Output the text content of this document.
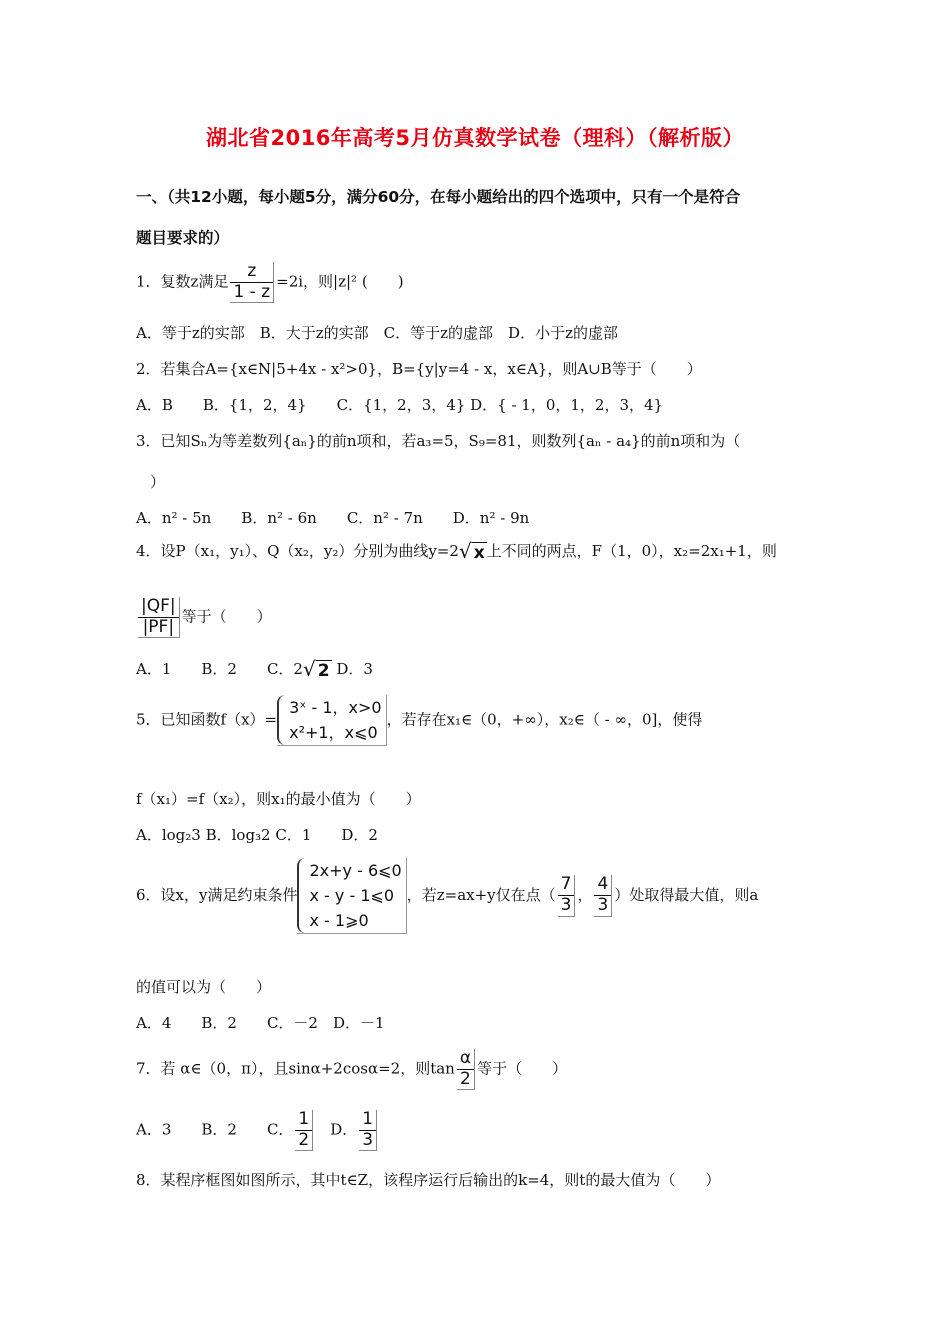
湖北省2016年高考5月仿真数学试卷（理科）（解析版）
一、（共12小题，每小题5分，满分60分，在每小题给出的四个选项中，只有一个是符合
题目要求的）
1．复数z满足 $\frac{z}{1 - z} =2i$，则|z|² (　　)
A．等于z的实部　B．大于z的实部　C．等于z的虚部　D．小于z的虚部
2．若集合A={x∈N|5+4x - x²>0}，B={y|y=4 - x，x∈A}，则A∪B等于（　　）
A．B　　B．{1，2，4}　　C．{1，2，3，4} D．{ - 1，0，1，2，3，4}
3．已知Sₙ为等差数列{aₙ}的前n项和，若a₃=5，S₉=81，则数列{aₙ - a₄}的前n项和为（
）
A．n² - 5n　　B．n² - 6n　　C．n² - 7n　　D．n² - 9n
4．设P（x₁，y₁）、Q（x₂，y₂）分别为曲线y=2√ x 上不同的两点，F（1，0），x₂=2x₁+1，则
$\frac{|QF|}{|PF|}$ 等于（　　）
A．1　　B．2　　C．2√ 2 D．3
5．已知函数f（x）=
3ˣ - 1，x>0
x²+1，x⩽0
，若存在x₁∈（0，+∞），x₂∈（ - ∞，0]，使得
f（x₁）=f（x₂），则x₁的最小值为（　　）
A．log₂3 B．log₃2 C．1　　D．2
6．设x，y满足约束条件
2x+y - 6⩽0
x - y - 1⩽0
x - 1⩾0
，若z=ax+y仅在点（ $\frac{7}{3}$ ， $\frac{4}{3}$ ）处取得最大值，则a
的值可以为（　　）
A．4　　B．2　　C．－2　D．－1
7．若 α∈（0，π），且sinα+2cosα=2，则$\tan \frac{\alpha}{2}$ 等于（　　）
A．3　　B．2　　C． $\frac{1}{2}$ 　D． $\frac{1}{3}$
8．某程序框图如图所示，其中t∈Z，该程序运行后输出的k=4，则t的最大值为（　　）
